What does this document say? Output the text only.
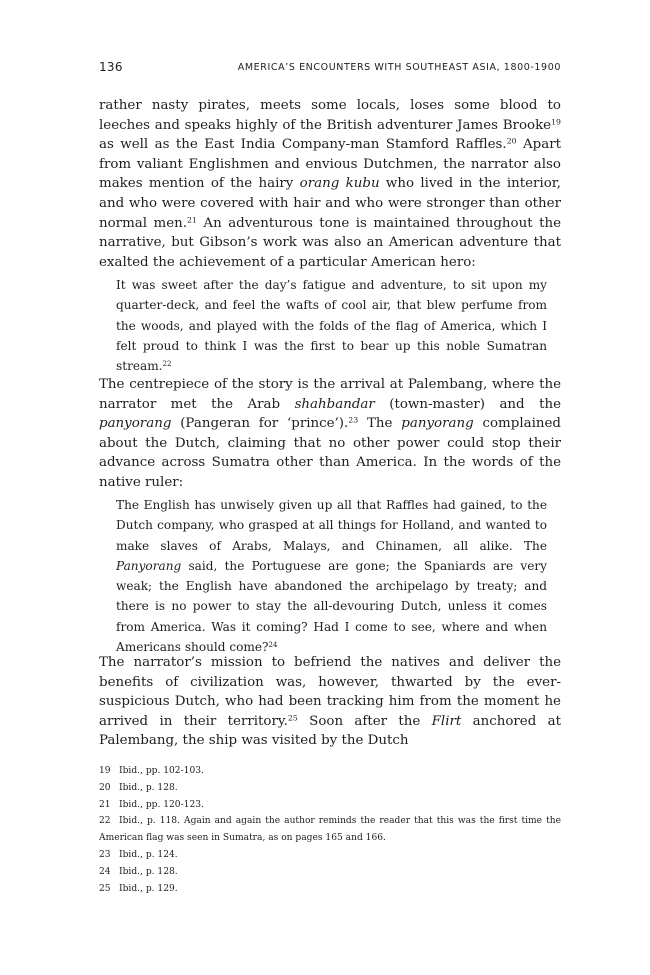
136	AMERICA’S ENCOUNTERS WITH SOUTHEAST ASIA, 1800-1900

rather nasty pirates, meets some locals, loses some blood to leeches and speaks highly of the British adventurer James Brooke$^{19}$ as well as the East India Company-man Stamford Raffles.$^{20}$ Apart from valiant Englishmen and envious Dutchmen, the narrator also makes mention of the hairy orang kubu who lived in the interior, and who were covered with hair and who were stronger than other normal men.$^{21}$ An adventurous tone is maintained throughout the narrative, but Gibson’s work was also an American adventure that exalted the achievement of a particular American hero:

It was sweet after the day’s fatigue and adventure, to sit upon my quarter-deck, and feel the wafts of cool air, that blew perfume from the woods, and played with the folds of the flag of America, which I felt proud to think I was the first to bear up this noble Sumatran stream.$^{22}$

The centrepiece of the story is the arrival at Palembang, where the narrator met the Arab shahbandar (town-master) and the panyorang (Pangeran for ‘prince’).$^{23}$ The panyorang complained about the Dutch, claiming that no other power could stop their advance across Sumatra other than America. In the words of the native ruler:

The English has unwisely given up all that Raffles had gained, to the Dutch company, who grasped at all things for Holland, and wanted to make slaves of Arabs, Malays, and Chinamen, all alike. The Panyorang said, the Portuguese are gone; the Spaniards are very weak; the English have abandoned the archipelago by treaty; and there is no power to stay the all-devouring Dutch, unless it comes from America. Was it coming? Had I come to see, where and when Americans should come?$^{24}$

The narrator’s mission to befriend the natives and deliver the benefits of civilization was, however, thwarted by the ever-suspicious Dutch, who had been tracking him from the moment he arrived in their territory.$^{25}$ Soon after the Flirt anchored at Palembang, the ship was visited by the Dutch

19 Ibid., pp. 102-103.

20 Ibid., p. 128.

21 Ibid., pp. 120-123.

22 Ibid., p. 118. Again and again the author reminds the reader that this was the first time the American flag was seen in Sumatra, as on pages 165 and 166.

23 Ibid., p. 124.

24 Ibid., p. 128.

25 Ibid., p. 129.
